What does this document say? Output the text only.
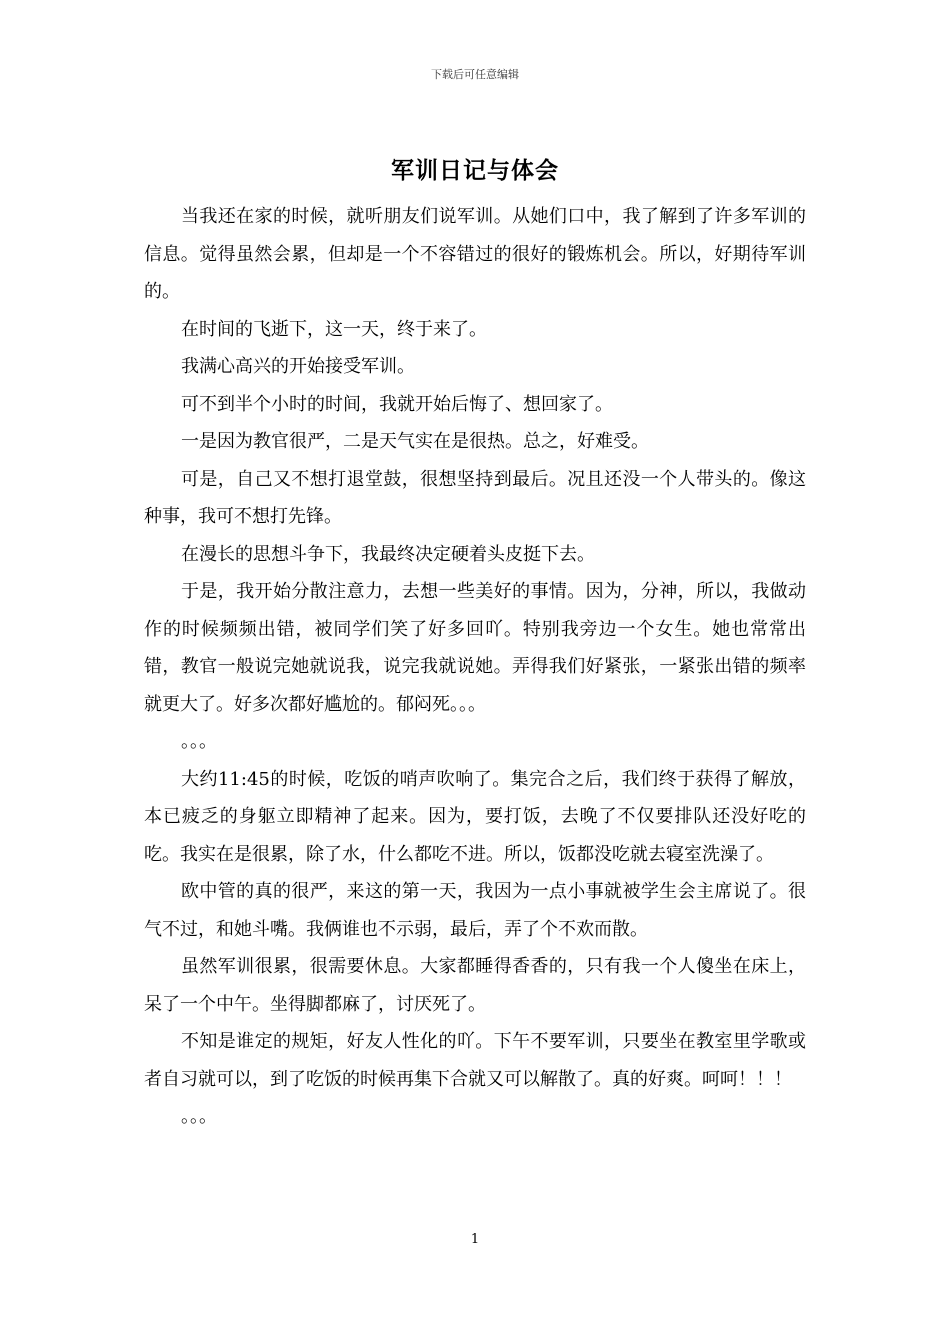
下载后可任意编辑
军训日记与体会

当我还在家的时候，就听朋友们说军训。从她们口中，我了解到了许多军训的信息。觉得虽然会累，但却是一个不容错过的很好的锻炼机会。所以，好期待军训的。

在时间的飞逝下，这一天，终于来了。

我满心高兴的开始接受军训。

可不到半个小时的时间，我就开始后悔了、想回家了。

一是因为教官很严，二是天气实在是很热。总之，好难受。

可是，自己又不想打退堂鼓，很想坚持到最后。况且还没一个人带头的。像这种事，我可不想打先锋。

在漫长的思想斗争下，我最终决定硬着头皮挺下去。

于是，我开始分散注意力，去想一些美好的事情。因为，分神，所以，我做动作的时候频频出错，被同学们笑了好多回吖。特别我旁边一个女生。她也常常出错，教官一般说完她就说我，说完我就说她。弄得我们好紧张，一紧张出错的频率就更大了。好多次都好尴尬的。郁闷死。。。

。。。

大约11:45的时候，吃饭的哨声吹响了。集完合之后，我们终于获得了解放，本已疲乏的身躯立即精神了起来。因为，要打饭，去晚了不仅要排队还没好吃的吃。我实在是很累，除了水，什么都吃不进。所以，饭都没吃就去寝室洗澡了。

欧中管的真的很严，来这的第一天，我因为一点小事就被学生会主席说了。很气不过，和她斗嘴。我俩谁也不示弱，最后，弄了个不欢而散。

虽然军训很累，很需要休息。大家都睡得香香的，只有我一个人傻坐在床上，呆了一个中午。坐得脚都麻了，讨厌死了。

不知是谁定的规矩，好友人性化的吖。下午不要军训，只要坐在教室里学歌或者自习就可以，到了吃饭的时候再集下合就又可以解散了。真的好爽。呵呵！！！

。。。

1
